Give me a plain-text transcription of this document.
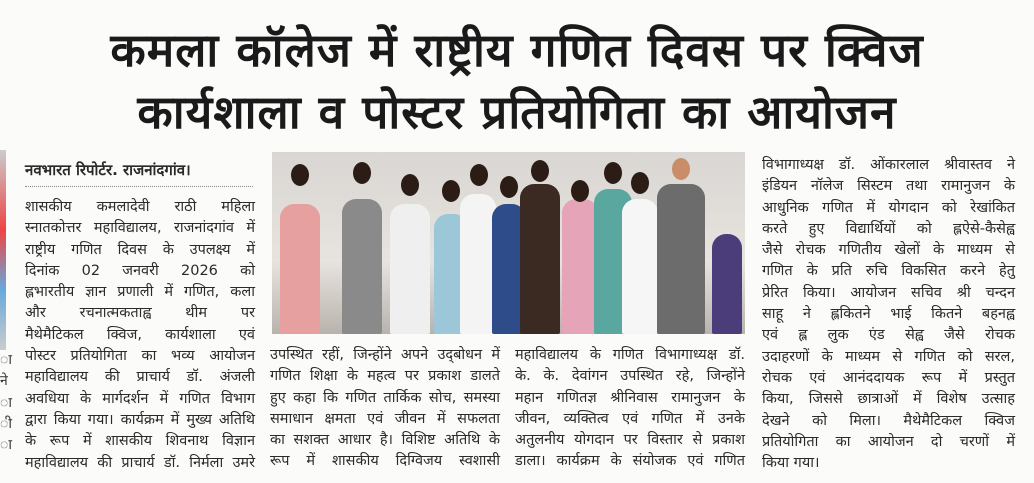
ा
ने
ा
ी
ा
कमला कॉलेज में राष्ट्रीय गणित दिवस पर क्विज
कार्यशाला व पोस्टर प्रतियोगिता का आयोजन
नवभारत रिपोर्टर. राजनांदगांव।
शासकीय कमलादेवी राठी महिला
स्नातकोत्तर महाविद्यालय, राजनांदगांव में
राष्ट्रीय गणित दिवस के उपलक्ष्य में
दिनांक 02 जनवरी 2026 को
ह्लभारतीय ज्ञान प्रणाली में गणित, कला
और रचनात्मकताह्व थीम पर
मैथेमैटिकल क्विज, कार्यशाला एवं
पोस्टर प्रतियोगिता का भव्य आयोजन
महाविद्यालय की प्राचार्य डॉ. अंजली
अवधिया के मार्गदर्शन में गणित विभाग
द्वारा किया गया। कार्यक्रम में मुख्य अतिथि
के रूप में शासकीय शिवनाथ विज्ञान
महाविद्यालय की प्राचार्य डॉ. निर्मला उमरे
उपस्थित रहीं, जिन्होंने अपने उद्‌बोधन में
गणित शिक्षा के महत्व पर प्रकाश डालते
हुए कहा कि गणित तार्किक सोच, समस्या
समाधान क्षमता एवं जीवन में सफलता
का सशक्त आधार है। विशिष्ट अतिथि के
रूप में शासकीय दिग्विजय स्वशासी
महाविद्यालय के गणित विभागाध्यक्ष डॉ.
के. के. देवांगन उपस्थित रहे, जिन्होंने
महान गणितज्ञ श्रीनिवास रामानुजन के
जीवन, व्यक्तित्व एवं गणित में उनके
अतुलनीय योगदान पर विस्तार से प्रकाश
डाला। कार्यक्रम के संयोजक एवं गणित
विभागाध्यक्ष डॉ. ओंकारलाल श्रीवास्तव ने
इंडियन नॉलेज सिस्टम तथा रामानुजन के
आधुनिक गणित में योगदान को रेखांकित
करते हुए विद्यार्थियों को ह्लऐसे-कैसेह्व
जैसे रोचक गणितीय खेलों के माध्यम से
गणित के प्रति रुचि विकसित करने हेतु
प्रेरित किया। आयोजन सचिव श्री चन्दन
साहू ने ह्लकितने भाई कितने बहनह्व
एवं ह्ल लुक एंड सेह्व जैसे रोचक
उदाहरणों के माध्यम से गणित को सरल,
रोचक एवं आनंददायक रूप में प्रस्तुत
किया, जिससे छात्राओं में विशेष उत्साह
देखने को मिला। मैथेमैटिकल क्विज
प्रतियोगिता का आयोजन दो चरणों में
किया गया।
